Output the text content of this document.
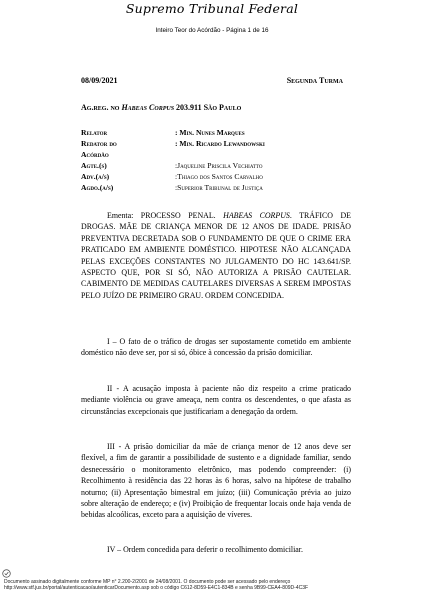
Supremo Tribunal Federal
Inteiro Teor do Acórdão - Página 1 de 16
08/09/2021	Segunda Turma
Ag.reg. no Habeas Corpus 203.911 São Paulo
Relator	: Min. Nunes Marques
Redator do	: Min. Ricardo Lewandowski
Acórdão
Agte.(s)	:Jaqueline Priscila Vechiatto
Adv.(a/s)	:Thiago dos Santos Carvalho
Agdo.(a/s)	:Superior Tribunal de Justiça
Ementa: PROCESSO PENAL. HABEAS CORPUS. TRÁFICO DE DROGAS. MÃE DE CRIANÇA MENOR DE 12 ANOS DE IDADE. PRISÃO PREVENTIVA DECRETADA SOB O FUNDAMENTO DE QUE O CRIME ERA PRATICADO EM AMBIENTE DOMÉSTICO. HIPOTESE NÃO ALCANÇADA PELAS EXCEÇÕES CONSTANTES NO JULGAMENTO DO HC 143.641/SP. ASPECTO QUE, POR SI SÓ, NÃO AUTORIZA A PRISÃO CAUTELAR. CABIMENTO DE MEDIDAS CAUTELARES DIVERSAS A SEREM IMPOSTAS PELO JUÍZO DE PRIMEIRO GRAU. ORDEM CONCEDIDA.
I – O fato de o tráfico de drogas ser supostamente cometido em ambiente doméstico não deve ser, por si só, óbice à concessão da prisão domiciliar.
II - A acusação imposta à paciente não diz respeito a crime praticado mediante violência ou grave ameaça, nem contra os descendentes, o que afasta as circunstâncias excepcionais que justificariam a denegação da ordem.
III - A prisão domiciliar da mãe de criança menor de 12 anos deve ser flexível, a fim de garantir a possibilidade de sustento e a dignidade familiar, sendo desnecessário o monitoramento eletrônico, mas podendo compreender: (i) Recolhimento à residência das 22 horas às 6 horas, salvo na hipótese de trabalho noturno; (ii) Apresentação bimestral em juízo; (iii) Comunicação prévia ao juizo sobre alteração de endereço; e (iv) Proibição de frequentar locais onde haja venda de bebidas alcoólicas, exceto para a aquisição de víveres.
IV – Ordem concedida para deferir o recolhimento domiciliar.
Documento assinado digitalmente conforme MP n° 2.200-2/2001 de 24/08/2001. O documento pode ser acessado pelo endereço
http://www.stf.jus.br/portal/autenticacao/autenticarDocumento.asp sob o código C612-8D59-E4C1-834B e senha 9B99-CEA4-809D-4C3F
